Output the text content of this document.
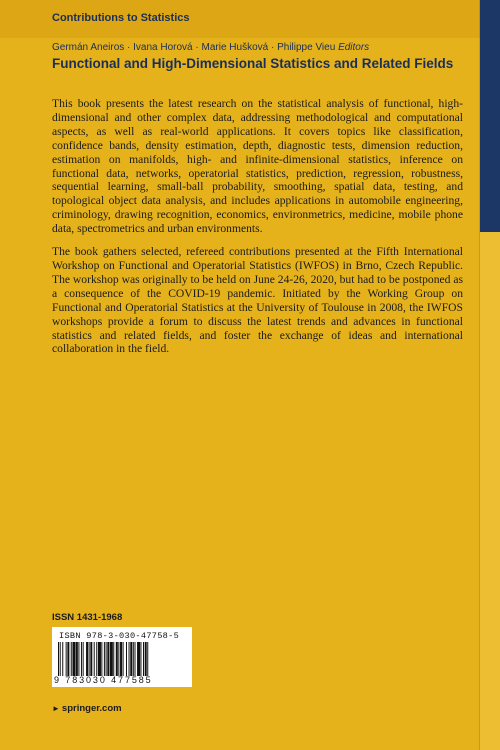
Contributions to Statistics
Germán Aneiros · Ivana Horová · Marie Hušková · Philippe Vieu Editors
Functional and High-Dimensional Statistics and Related Fields

This book presents the latest research on the statistical analysis of functional, high-dimensional and other complex data, addressing methodological and computational aspects, as well as real-world applications. It covers topics like classification, confidence bands, density estimation, depth, diagnostic tests, dimension reduction, estimation on manifolds, high- and infinite-dimensional statistics, inference on functional data, networks, operatorial statistics, prediction, regression, robustness, sequential learning, small-ball probability, smoothing, spatial data, testing, and topological object data analysis, and includes applications in automobile engineering, criminology, drawing recognition, economics, environmetrics, medicine, mobile phone data, spectrometrics and urban environments.

The book gathers selected, refereed contributions presented at the Fifth International Workshop on Functional and Operatorial Statistics (IWFOS) in Brno, Czech Republic. The workshop was originally to be held on June 24-26, 2020, but had to be postponed as a consequence of the COVID-19 pandemic. Initiated by the Working Group on Functional and Operatorial Statistics at the University of Toulouse in 2008, the IWFOS workshops provide a forum to discuss the latest trends and advances in functional statistics and related fields, and foster the exchange of ideas and international collaboration in the field.

ISSN 1431-1968
ISBN 978-3-030-47758-5
9 783030 477585
► springer.com
